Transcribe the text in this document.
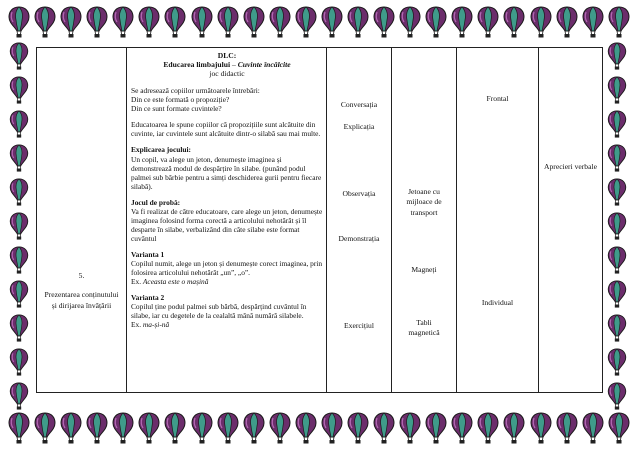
5.
Prezentarea conținutului
și dirijarea învățării

DLC:
Educarea limbajului – Cuvinte încâlcite
joc didactic
Se adresează copiilor următoarele întrebări:
Din ce este formată o propoziție?
Din ce sunt formate cuvintele?
Educatoarea le spune copiilor că propozițiile sunt alcătuite din cuvinte, iar cuvintele sunt alcătuite dintr-o silabă sau mai multe.
Explicarea jocului:
Un copil, va alege un jeton, denumește imaginea și demonstrează modul de despărțire în silabe. (punând podul palmei sub bărbie pentru a simți deschiderea gurii pentru fiecare silabă).
Jocul de probă:
Va fi realizat de către educatoare, care alege un jeton, denumește imaginea folosind forma corectă a articolului nehotărât și îl desparte în silabe, verbalizând din câte silabe este format cuvântul
Varianta 1
Copilul numit, alege un jeton și denumește corect imaginea, prin folosirea articolului nehotărât „un”, „o”.
Ex. Aceasta este o mașină
Varianta 2
Copilul ține podul palmei sub bărbă, despărțind cuvântul în silabe, iar cu degetele de la cealaltă mână numără silabele.
Ex. ma-și-nă

Conversația
Explicația
Observația
Demonstrația
Exercițiul

Jetoane cu
mijloace de
transport
Magneți
Tabli
magnetică

Frontal
Individual

Aprecieri verbale
